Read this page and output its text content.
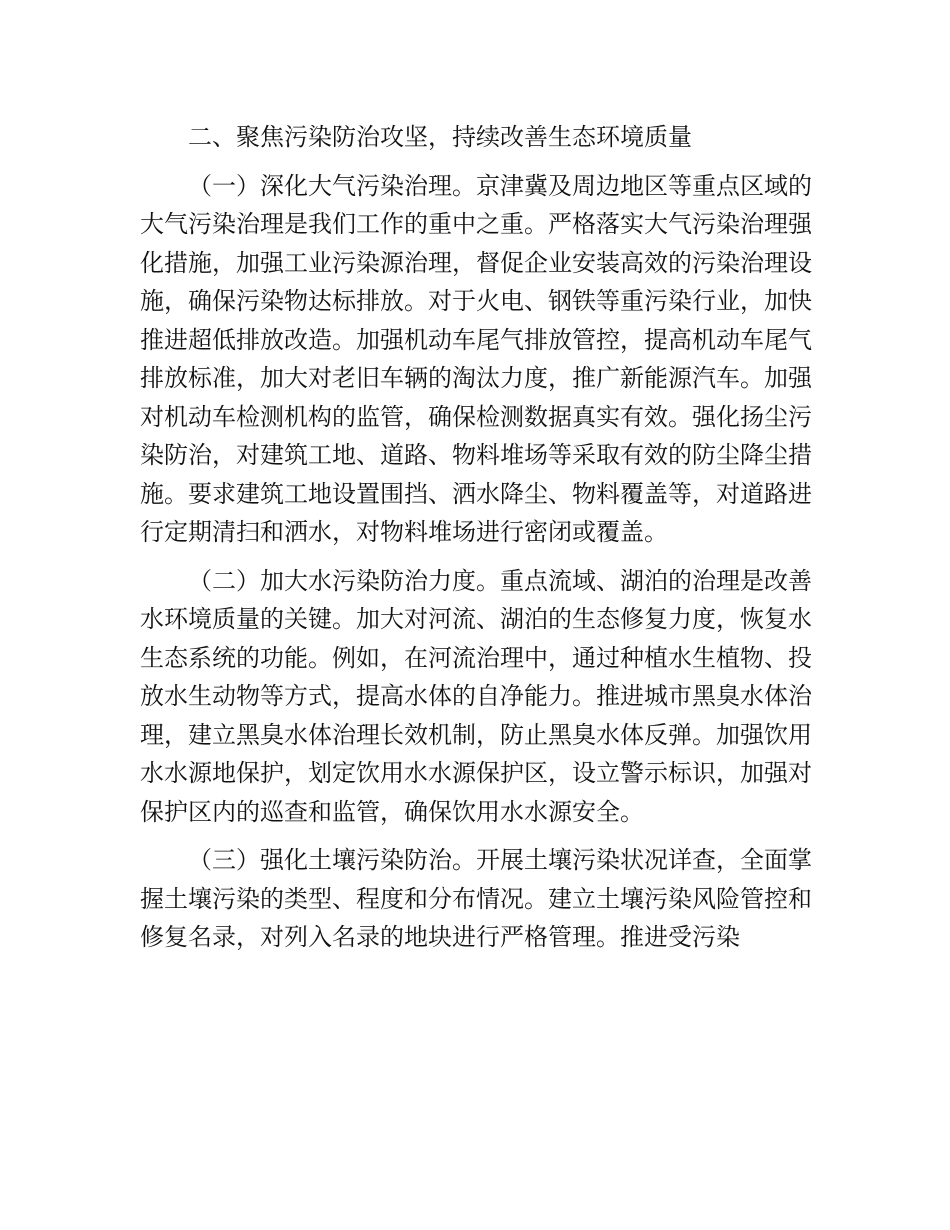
二、聚焦污染防治攻坚，持续改善生态环境质量

（一）深化大气污染治理。京津冀及周边地区等重点区域的大气污染治理是我们工作的重中之重。严格落实大气污染治理强化措施，加强工业污染源治理，督促企业安装高效的污染治理设施，确保污染物达标排放。对于火电、钢铁等重污染行业，加快推进超低排放改造。加强机动车尾气排放管控，提高机动车尾气排放标准，加大对老旧车辆的淘汰力度，推广新能源汽车。加强对机动车检测机构的监管，确保检测数据真实有效。强化扬尘污染防治，对建筑工地、道路、物料堆场等采取有效的防尘降尘措施。要求建筑工地设置围挡、洒水降尘、物料覆盖等，对道路进行定期清扫和洒水，对物料堆场进行密闭或覆盖。

（二）加大水污染防治力度。重点流域、湖泊的治理是改善水环境质量的关键。加大对河流、湖泊的生态修复力度，恢复水生态系统的功能。例如，在河流治理中，通过种植水生植物、投放水生动物等方式，提高水体的自净能力。推进城市黑臭水体治理，建立黑臭水体治理长效机制，防止黑臭水体反弹。加强饮用水水源地保护，划定饮用水水源保护区，设立警示标识，加强对保护区内的巡查和监管，确保饮用水水源安全。

（三）强化土壤污染防治。开展土壤污染状况详查，全面掌握土壤污染的类型、程度和分布情况。建立土壤污染风险管控和修复名录，对列入名录的地块进行严格管理。推进受污染
